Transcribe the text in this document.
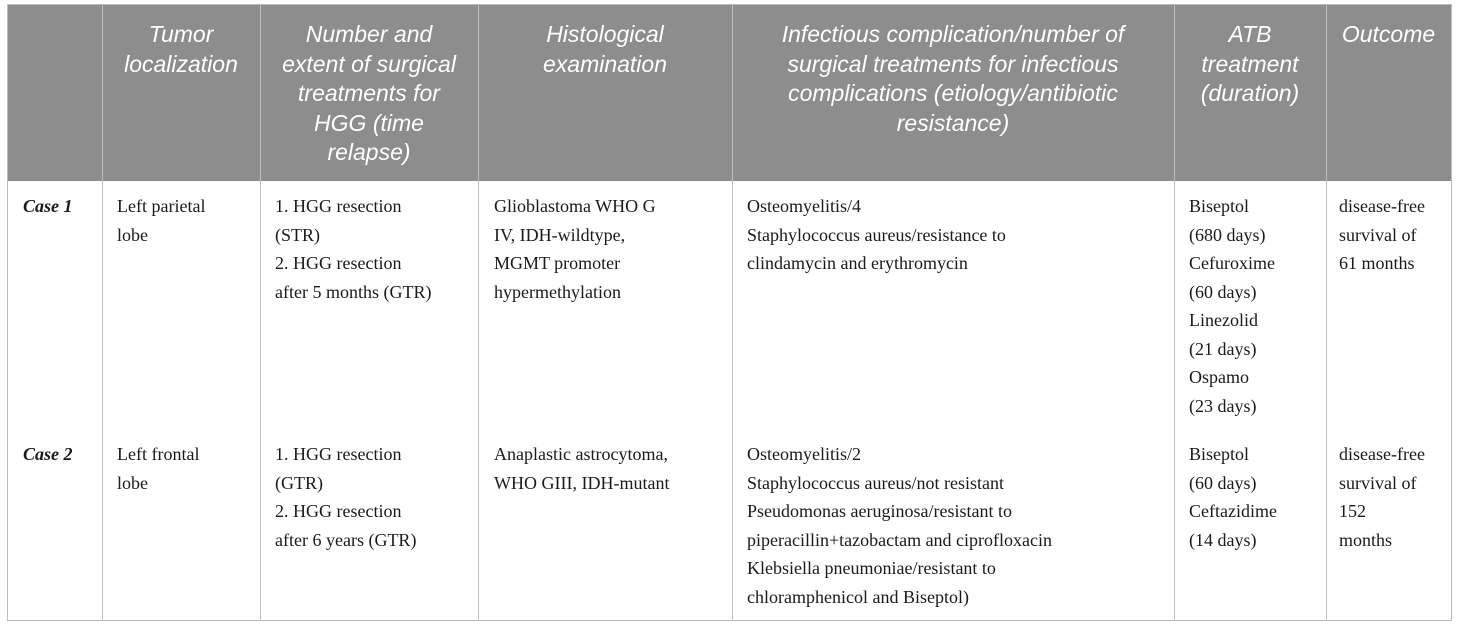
Tumor
localization
Number and
extent of surgical
treatments for
HGG (time
relapse)
Histological
examination
Infectious complication/number of
surgical treatments for infectious
complications (etiology/antibiotic
resistance)
ATB
treatment
(duration)
Outcome
Case 1 Left parietal
lobe
1. HGG resection
(STR)
2. HGG resection
after 5 months (GTR)
Glioblastoma WHO G
IV, IDH-wildtype,
MGMT promoter
hypermethylation
Osteomyelitis/4
Staphylococcus aureus/resistance to
clindamycin and erythromycin
Biseptol
(680 days)
Cefuroxime
(60 days)
Linezolid
(21 days)
Ospamo
(23 days)
disease-free
survival of
61 months
Case 2 Left frontal
lobe
1. HGG resection
(GTR)
2. HGG resection
after 6 years (GTR)
Anaplastic astrocytoma,
WHO GIII, IDH-mutant
Osteomyelitis/2
Staphylococcus aureus/not resistant
Pseudomonas aeruginosa/resistant to
piperacillin+tazobactam and ciprofloxacin
Klebsiella pneumoniae/resistant to
chloramphenicol and Biseptol)
Biseptol
(60 days)
Ceftazidime
(14 days)
disease-free
survival of
152
months
